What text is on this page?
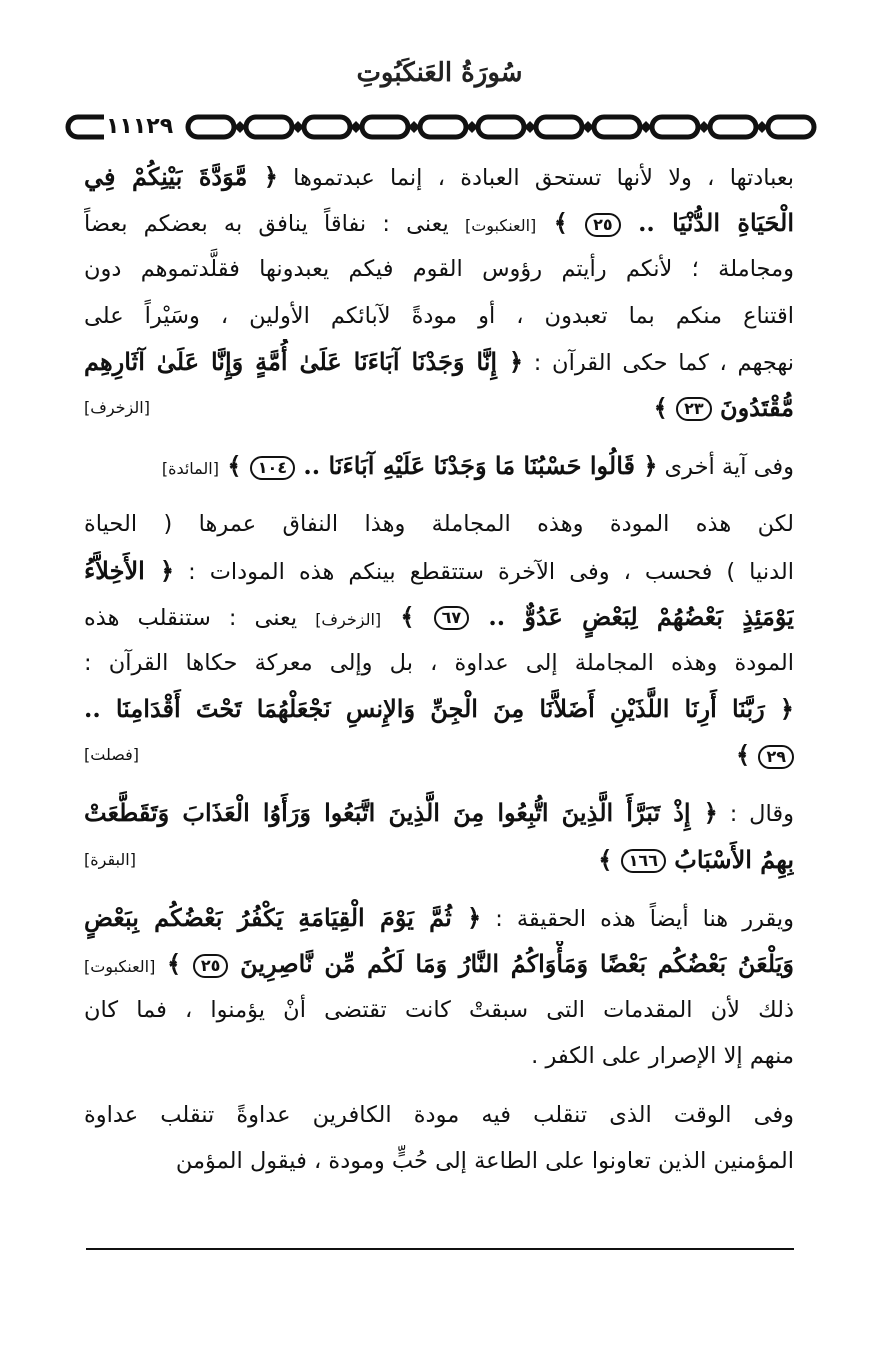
سُورَةُ العَنكَبُوتِ
١١١٢٩
بعبادتها ، ولا لأنها تستحق العبادة ، إنما عبدتموها ﴿ مَّوَدَّةَ بَيْنِكُمْ فِي
الْحَيَاةِ الدُّنْيَا .. ٢٥ ﴾ [العنكبوت] يعنى : نفاقاً ينافق به بعضكم بعضاً
ومجاملة ؛ لأنكم رأيتم رؤوس القوم فيكم يعبدونها فقلَّدتموهم دون
اقتناع منكم بما تعبدون ، أو مودةً لآبائكم الأولين ، وسَيْراً على
نهجهم ، كما حكى القرآن : ﴿ إِنَّا وَجَدْنَا آبَاءَنَا عَلَىٰ أُمَّةٍ وَإِنَّا عَلَىٰ آثَارِهِم
مُّقْتَدُونَ ٢٣ ﴾
[الزخرف]
وفى آية أخرى ﴿ قَالُوا حَسْبُنَا مَا وَجَدْنَا عَلَيْهِ آبَاءَنَا .. ١٠٤ ﴾ [المائدة]
لكن هذه المودة وهذه المجاملة وهذا النفاق عمرها ( الحياة
الدنيا ) فحسب ، وفى الآخرة ستتقطع بينكم هذه المودات : ﴿ الأَخِلاَّءُ
يَوْمَئِذٍ بَعْضُهُمْ لِبَعْضٍ عَدُوٌّ .. ٦٧ ﴾ [الزخرف] يعنى : ستنقلب هذه
المودة وهذه المجاملة إلى عداوة ، بل وإلى معركة حكاها القرآن :
﴿ رَبَّنَا أَرِنَا اللَّذَيْنِ أَضَلاَّنَا مِنَ الْجِنِّ وَالإِنسِ نَجْعَلْهُمَا تَحْتَ أَقْدَامِنَا ..
٢٩ ﴾
[فصلت]
وقال : ﴿ إِذْ تَبَرَّأَ الَّذِينَ اتُّبِعُوا مِنَ الَّذِينَ اتَّبَعُوا وَرَأَوُا الْعَذَابَ وَتَقَطَّعَتْ
بِهِمُ الأَسْبَابُ ١٦٦ ﴾
[البقرة]
ويقرر هنا أيضاً هذه الحقيقة : ﴿ ثُمَّ يَوْمَ الْقِيَامَةِ يَكْفُرُ بَعْضُكُم بِبَعْضٍ
وَيَلْعَنُ بَعْضُكُم بَعْضًا وَمَأْوَاكُمُ النَّارُ وَمَا لَكُم مِّن نَّاصِرِينَ ٢٥ ﴾ [العنكبوت]
ذلك لأن المقدمات التى سبقتْ كانت تقتضى أنْ يؤمنوا ، فما كان
منهم إلا الإصرار على الكفر .
وفى الوقت الذى تنقلب فيه مودة الكافرين عداوةً تنقلب عداوة
المؤمنين الذين تعاونوا على الطاعة إلى حُبٍّ ومودة ، فيقول المؤمن
